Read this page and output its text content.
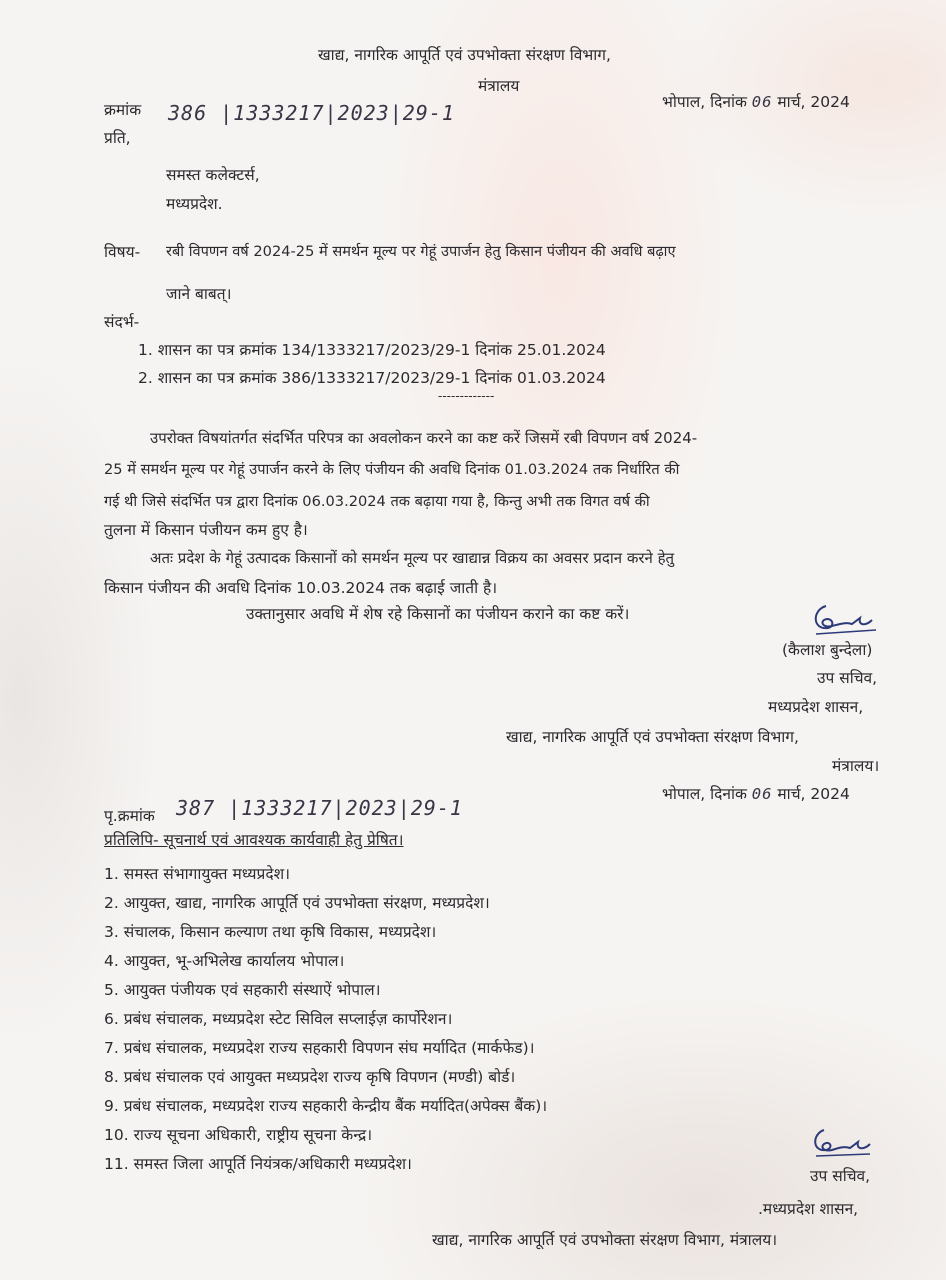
खाद्य, नागरिक आपूर्ति एवं उपभोक्ता संरक्षण विभाग,
मंत्रालय
क्रमांक 386 |1333217|2023|29-1	भोपाल, दिनांक 06 मार्च, 2024
प्रति,
समस्त कलेक्टर्स,
मध्यप्रदेश.
विषय- रबी विपणन वर्ष 2024-25 में समर्थन मूल्य पर गेहूं उपार्जन हेतु किसान पंजीयन की अवधि बढ़ाए
जाने बाबत्।
संदर्भ-
1. शासन का पत्र क्रमांक 134/1333217/2023/29-1 दिनांक 25.01.2024
2. शासन का पत्र क्रमांक 386/1333217/2023/29-1 दिनांक 01.03.2024
-------------
उपरोक्त विषयांतर्गत संदर्भित परिपत्र का अवलोकन करने का कष्ट करें जिसमें रबी विपणन वर्ष 2024-
25 में समर्थन मूल्य पर गेहूं उपार्जन करने के लिए पंजीयन की अवधि दिनांक 01.03.2024 तक निर्धारित की
गई थी जिसे संदर्भित पत्र द्वारा दिनांक 06.03.2024 तक बढ़ाया गया है, किन्तु अभी तक विगत वर्ष की
तुलना में किसान पंजीयन कम हुए है।
अतः प्रदेश के गेहूं उत्पादक किसानों को समर्थन मूल्य पर खाद्यान्न विक्रय का अवसर प्रदान करने हेतु
किसान पंजीयन की अवधि दिनांक 10.03.2024 तक बढ़ाई जाती है।
उक्तानुसार अवधि में शेष रहे किसानों का पंजीयन कराने का कष्ट करें।
(कैलाश बुन्देला)
उप सचिव,
मध्यप्रदेश शासन,
खाद्य, नागरिक आपूर्ति एवं उपभोक्ता संरक्षण विभाग,
मंत्रालय।
पृ.क्रमांक 387 |1333217|2023|29-1
भोपाल, दिनांक 06 मार्च, 2024
प्रतिलिपि- सूचनार्थ एवं आवश्यक कार्यवाही हेतु प्रेषित।
1. समस्त संभागायुक्त मध्यप्रदेश।
2. आयुक्त, खाद्य, नागरिक आपूर्ति एवं उपभोक्ता संरक्षण, मध्यप्रदेश।
3. संचालक, किसान कल्याण तथा कृषि विकास, मध्यप्रदेश।
4. आयुक्त, भू-अभिलेख कार्यालय भोपाल।
5. आयुक्त पंजीयक एवं सहकारी संस्थाऐं भोपाल।
6. प्रबंध संचालक, मध्यप्रदेश स्टेट सिविल सप्लाईज़ कार्पोरेशन।
7. प्रबंध संचालक, मध्यप्रदेश राज्य सहकारी विपणन संघ मर्यादित (मार्कफेड)।
8. प्रबंध संचालक एवं आयुक्त मध्यप्रदेश राज्य कृषि विपणन (मण्डी) बोर्ड।
9. प्रबंध संचालक, मध्यप्रदेश राज्य सहकारी केन्द्रीय बैंक मर्यादित(अपेक्स बैंक)।
10. राज्य सूचना अधिकारी, राष्ट्रीय सूचना केन्द्र।
11. समस्त जिला आपूर्ति नियंत्रक/अधिकारी मध्यप्रदेश।
उप सचिव,
.मध्यप्रदेश शासन,
खाद्य, नागरिक आपूर्ति एवं उपभोक्ता संरक्षण विभाग, मंत्रालय।
